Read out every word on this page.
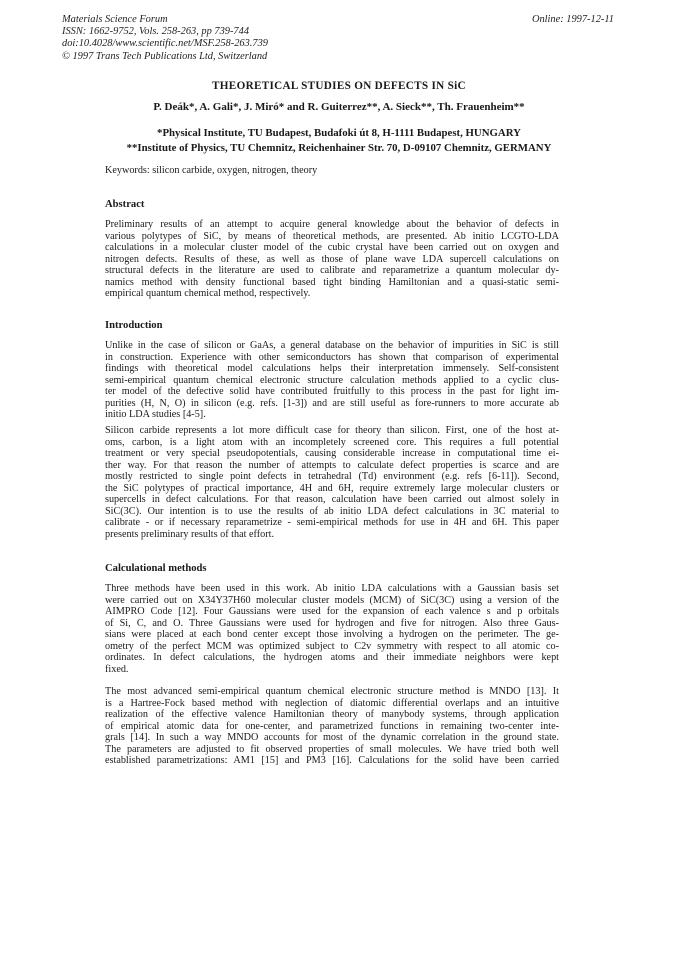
Materials Science Forum
ISSN: 1662-9752, Vols. 258-263, pp 739-744
doi:10.4028/www.scientific.net/MSF.258-263.739
© 1997 Trans Tech Publications Ltd, Switzerland
Online: 1997-12-11
THEORETICAL STUDIES ON DEFECTS IN SiC
P. Deák*, A. Gali*, J. Miró* and R. Guiterrez**, A. Sieck**, Th. Frauenheim**
*Physical Institute, TU Budapest, Budafoki út 8, H-1111 Budapest, HUNGARY
**Institute of Physics, TU Chemnitz, Reichenhainer Str. 70, D-09107 Chemnitz, GERMANY
Keywords: silicon carbide, oxygen, nitrogen, theory
Abstract
Preliminary results of an attempt to acquire general knowledge about the behavior of defects in
various polytypes of SiC, by means of theoretical methods, are presented. Ab initio LCGTO-LDA
calculations in a molecular cluster model of the cubic crystal have been carried out on oxygen and
nitrogen defects. Results of these, as well as those of plane wave LDA supercell calculations on
structural defects in the literature are used to calibrate and reparametrize a quantum molecular dy-
namics method with density functional based tight binding Hamiltonian and a quasi-static semi-
empirical quantum chemical method, respectively.
Introduction
Unlike in the case of silicon or GaAs, a general database on the behavior of impurities in SiC is still
in construction. Experience with other semiconductors has shown that comparison of experimental
findings with theoretical model calculations helps their interpretation immensely. Self-consistent
semi-empirical quantum chemical electronic structure calculation methods applied to a cyclic clus-
ter model of the defective solid have contributed fruitfully to this process in the past for light im-
purities (H, N, O) in silicon (e.g. refs. [1-3]) and are still useful as fore-runners to more accurate ab
initio LDA studies [4-5].
Silicon carbide represents a lot more difficult case for theory than silicon. First, one of the host at-
oms, carbon, is a light atom with an incompletely screened core. This requires a full potential
treatment or very special pseudopotentials, causing considerable increase in computational time ei-
ther way. For that reason the number of attempts to calculate defect properties is scarce and are
mostly restricted to single point defects in tetrahedral (Td) environment (e.g. refs [6-11]). Second,
the SiC polytypes of practical importance, 4H and 6H, require extremely large molecular clusters or
supercells in defect calculations. For that reason, calculation have been carried out almost solely in
SiC(3C). Our intention is to use the results of ab initio LDA defect calculations in 3C material to
calibrate - or if necessary reparametrize - semi-empirical methods for use in 4H and 6H. This paper
presents preliminary results of that effort.
Calculational methods
Three methods have been used in this work. Ab initio LDA calculations with a Gaussian basis set
were carried out on X34Y37H60 molecular cluster models (MCM) of SiC(3C) using a version of the
AIMPRO Code [12]. Four Gaussians were used for the expansion of each valence s and p orbitals
of Si, C, and O. Three Gaussians were used for hydrogen and five for nitrogen. Also three Gaus-
sians were placed at each bond center except those involving a hydrogen on the perimeter. The ge-
ometry of the perfect MCM was optimized subject to C2v symmetry with respect to all atomic co-
ordinates. In defect calculations, the hydrogen atoms and their immediate neighbors were kept
fixed.
The most advanced semi-empirical quantum chemical electronic structure method is MNDO [13]. It
is a Hartree-Fock based method with neglection of diatomic differential overlaps and an intuitive
realization of the effective valence Hamiltonian theory of manybody systems, through application
of empirical atomic data for one-center, and parametrized functions in remaining two-center inte-
grals [14]. In such a way MNDO accounts for most of the dynamic correlation in the ground state.
The parameters are adjusted to fit observed properties of small molecules. We have tried both well
established parametrizations: AM1 [15] and PM3 [16]. Calculations for the solid have been carried
